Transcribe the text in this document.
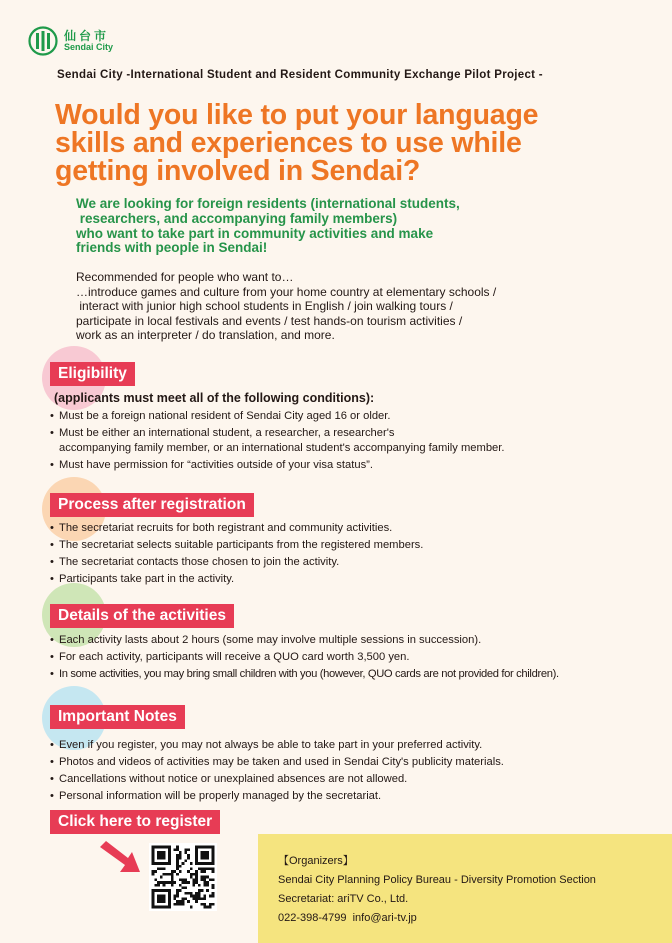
仙台市
Sendai City
Sendai City -International Student and Resident Community Exchange Pilot Project -
Would you like to put your language
skills and experiences to use while
getting involved in Sendai?
We are looking for foreign residents (international students,
researchers, and accompanying family members)
who want to take part in community activities and make
friends with people in Sendai!
Recommended for people who want to…
…introduce games and culture from your home country at elementary schools /
interact with junior high school students in English / join walking tours /
participate in local festivals and events / test hands-on tourism activities /
work as an interpreter / do translation, and more.
Eligibility
(applicants must meet all of the following conditions):
• Must be a foreign national resident of Sendai City aged 16 or older.
• Must be either an international student, a researcher, a researcher's
accompanying family member, or an international student's accompanying family member.
• Must have permission for “activities outside of your visa status”.
Process after registration
• The secretariat recruits for both registrant and community activities.
• The secretariat selects suitable participants from the registered members.
• The secretariat contacts those chosen to join the activity.
• Participants take part in the activity.
Details of the activities
• Each activity lasts about 2 hours (some may involve multiple sessions in succession).
• For each activity, participants will receive a QUO card worth 3,500 yen.
• In some activities, you may bring small children with you (however, QUO cards are not provided for children).
Important Notes
• Even if you register, you may not always be able to take part in your preferred activity.
• Photos and videos of activities may be taken and used in Sendai City's publicity materials.
• Cancellations without notice or unexplained absences are not allowed.
• Personal information will be properly managed by the secretariat.
Click here to register
【Organizers】
Sendai City Planning Policy Bureau - Diversity Promotion Section
Secretariat: ariTV Co., Ltd.
022-398-4799  info@ari-tv.jp
